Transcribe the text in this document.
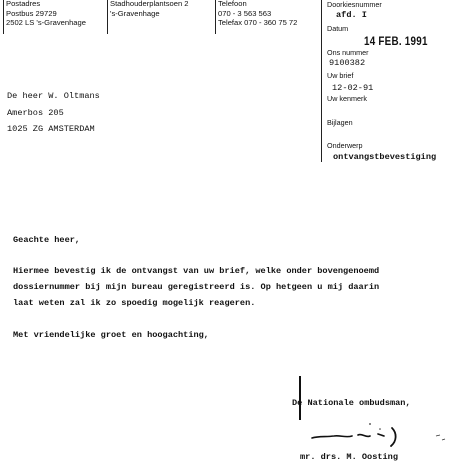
Postadres
Postbus 29729
2502 LS 's-Gravenhage
Stadhouderplantsoen 2
's-Gravenhage
Telefoon
070 - 3 563 563
Telefax 070 - 360 75 72
Doorkiesnummer
afd. I
Datum
14 FEB. 1991
Ons nummer
9100382
Uw brief
12-02-91
Uw kenmerk
Bijlagen
Onderwerp
ontvangstbevestiging
De heer W. Oltmans
Amerbos 205
1025 ZG AMSTERDAM
Geachte heer,
Hiermee bevestig ik de ontvangst van uw brief, welke onder bovengenoemd
dossiernummer bij mijn bureau geregistreerd is. Op hetgeen u mij daarin
laat weten zal ik zo spoedig mogelijk reageren.
Met vriendelijke groet en hoogachting,
De Nationale ombudsman,
mr. drs. M. Oosting
